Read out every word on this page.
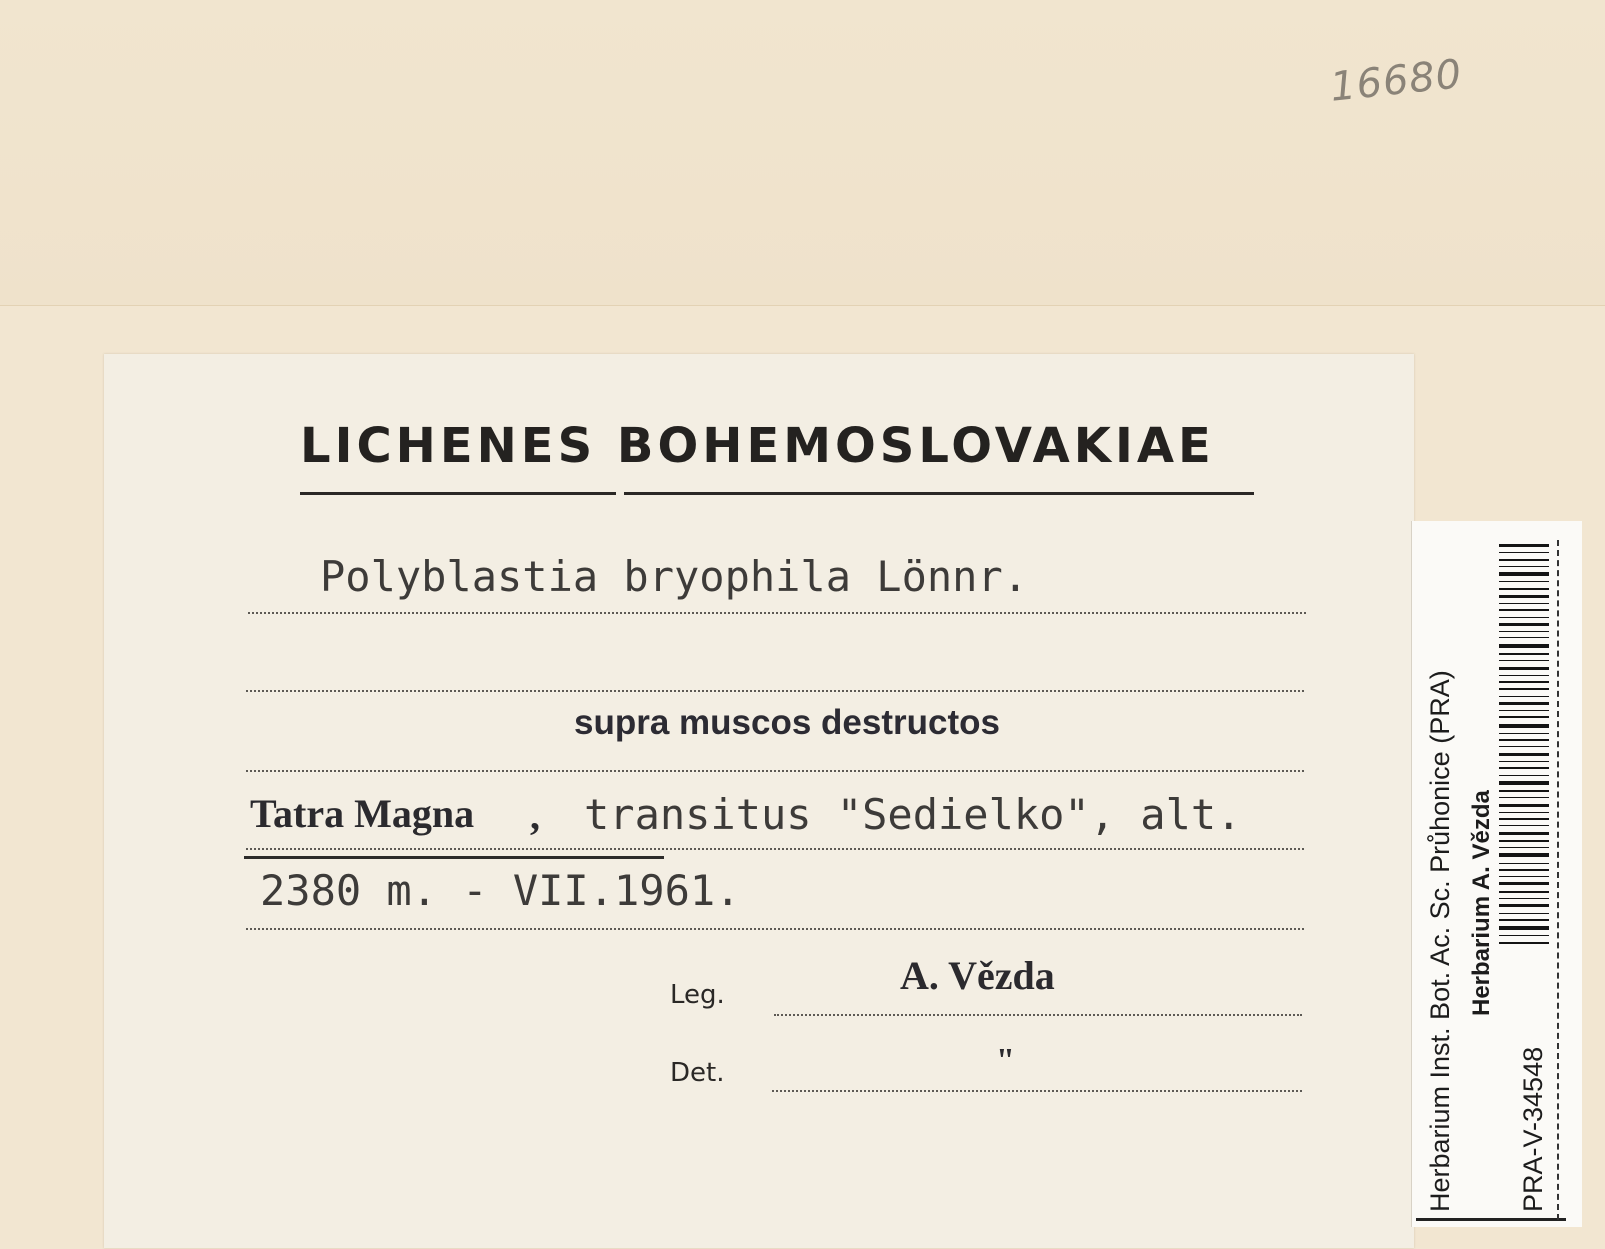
16680
LICHENES BOHEMOSLOVAKIAE
Polyblastia bryophila Lönnr.
supra muscos destructos
Tatra Magna , transitus "Sedielko", alt.
2380 m. - VII.1961.
Leg.	A. Vězda
Det.	"	Herbarium Inst. Bot. Ac. Sc. Průhonice (PRA) Herbarium A. Vězda
PRA-V-34548
